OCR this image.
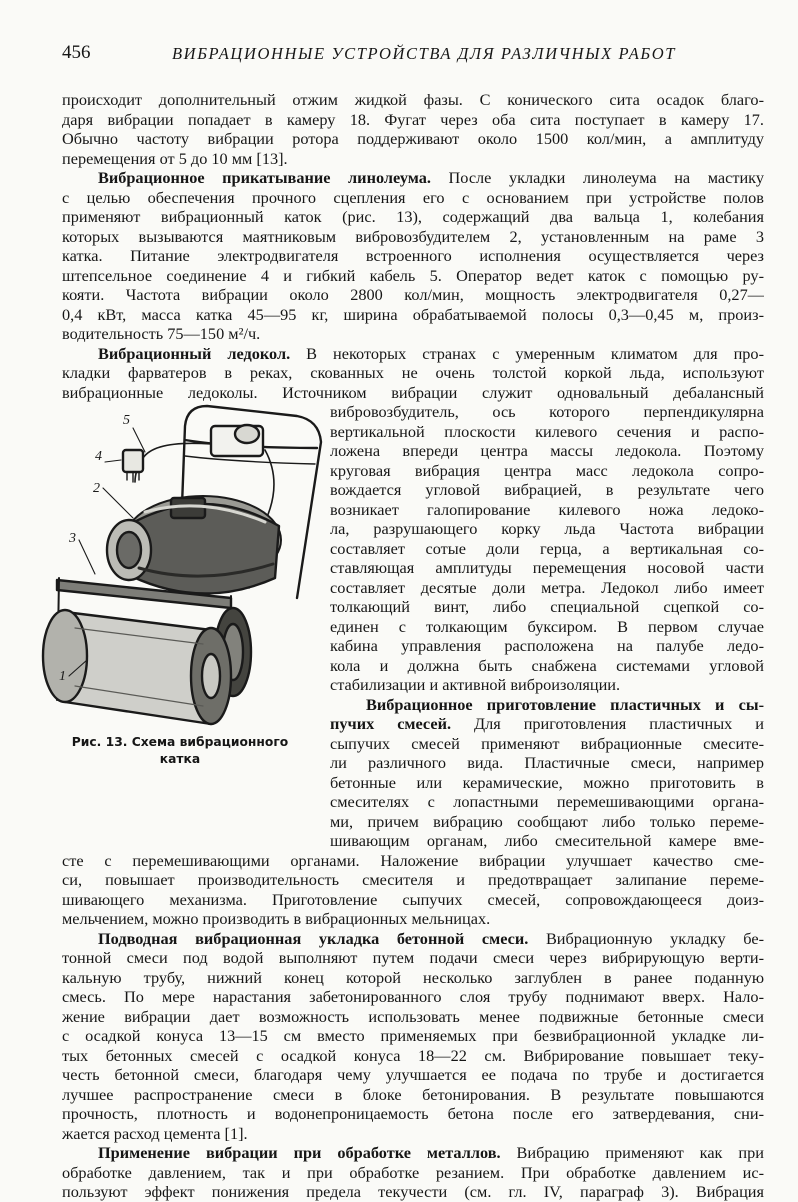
456	ВИБРАЦИОННЫЕ УСТРОЙСТВА ДЛЯ РАЗЛИЧНЫХ РАБОТ
происходит дополнительный отжим жидкой фазы. С конического сита осадок благо-
даря вибрации попадает в камеру 18. Фугат через оба сита поступает в камеру 17.
Обычно частоту вибрации ротора поддерживают около 1500 кол/мин, а амплитуду
перемещения от 5 до 10 мм [13].
Вибрационное прикатывание линолеума. После укладки линолеума на мастику
с целью обеспечения прочного сцепления его с основанием при устройстве полов
применяют вибрационный каток (рис. 13), содержащий два вальца 1, колебания
которых вызываются маятниковым вибровозбудителем 2, установленным на раме 3
катка. Питание электродвигателя встроенного исполнения осуществляется через
штепсельное соединение 4 и гибкий кабель 5. Оператор ведет каток с помощью ру-
кояти. Частота вибрации около 2800 кол/мин, мощность электродвигателя 0,27—
0,4 кВт, масса катка 45—95 кг, ширина обрабатываемой полосы 0,3—0,45 м, произ-
водительность 75—150 м²/ч.
Вибрационный ледокол. В некоторых странах с умеренным климатом для про-
кладки фарватеров в реках, скованных не очень толстой коркой льда, используют
вибрационные ледоколы. Источником вибрации служит одновальный дебалансный
вибровозбудитель, ось которого перпендикулярна
вертикальной плоскости килевого сечения и распо-
ложена впереди центра массы ледокола. Поэтому
круговая вибрация центра масс ледокола сопро-
вождается угловой вибрацией, в результате чего
возникает галопирование килевого ножа ледоко-
ла, разрушающего корку льда Частота вибрации
составляет сотые доли герца, а вертикальная со-
ставляющая амплитуды перемещения носовой части
составляет десятые доли метра. Ледокол либо имеет
толкающий винт, либо специальной сцепкой со-
единен с толкающим буксиром. В первом случае
кабина управления расположена на палубе ледо-
кола и должна быть снабжена системами угловой
стабилизации и активной виброизоляции.
Вибрационное приготовление пластичных и сы-
пучих смесей. Для приготовления пластичных и
сыпучих смесей применяют вибрационные смесите-
ли различного вида. Пластичные смеси, например
бетонные или керамические, можно приготовить в
смесителях с лопастными перемешивающими органа-
ми, причем вибрацию сообщают либо только переме-
шивающим органам, либо смесительной камере вме-
сте с перемешивающими органами. Наложение вибрации улучшает качество сме-
си, повышает производительность смесителя и предотвращает залипание переме-
шивающего механизма. Приготовление сыпучих смесей, сопровождающееся доиз-
мельчением, можно производить в вибрационных мельницах.
Подводная вибрационная укладка бетонной смеси. Вибрационную укладку бе-
тонной смеси под водой выполняют путем подачи смеси через вибрирующую верти-
кальную трубу, нижний конец которой несколько заглублен в ранее поданную
смесь. По мере нарастания забетонированного слоя трубу поднимают вверх. Нало-
жение вибрации дает возможность использовать менее подвижные бетонные смеси
с осадкой конуса 13—15 см вместо применяемых при безвибрационной укладке ли-
тых бетонных смесей с осадкой конуса 18—22 см. Вибрирование повышает теку-
честь бетонной смеси, благодаря чему улучшается ее подача по трубе и достигается
лучшее распространение смеси в блоке бетонирования. В результате повышаются
прочность, плотность и водонепроницаемость бетона после его затвердевания, сни-
жается расход цемента [1].
Применение вибрации при обработке металлов. Вибрацию применяют как при
обработке давлением, так и при обработке резанием. При обработке давлением ис-
пользуют эффект понижения предела текучести (см. гл. IV, параграф 3). Вибрация
5
4
2
3
1
Рис. 13. Схема вибрационного
катка
